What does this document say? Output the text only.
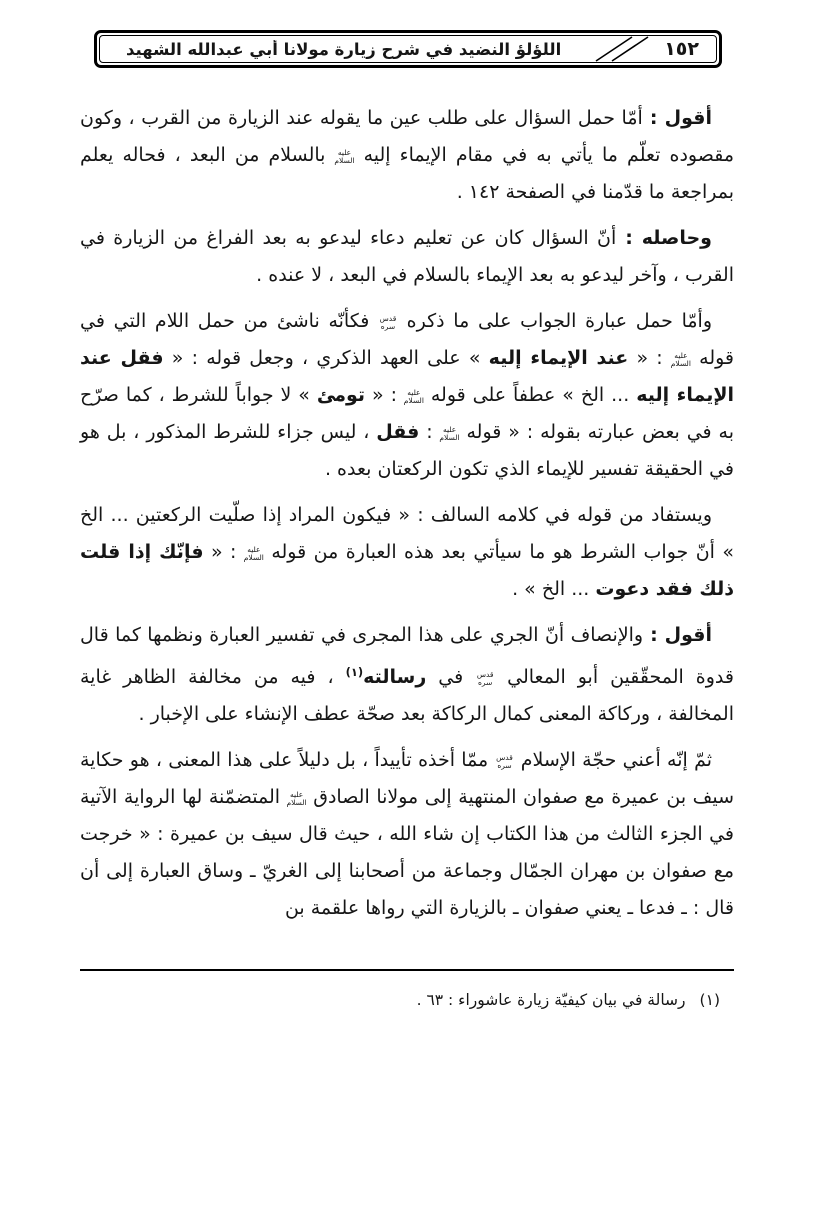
١٥٢
اللؤلؤ النضيد في شرح زيارة مولانا أبي عبدالله الشهيد

أقول : أمّا حمل السؤال على طلب عين ما يقوله عند الزيارة من القرب ، وكون مقصوده تعلّم ما يأتي به في مقام الإيماء إليه عليه السلام بالسلام من البعد ، فحاله يعلم بمراجعة ما قدّمنا في الصفحة ١٤٢ .

وحاصله : أنّ السؤال كان عن تعليم دعاء ليدعو به بعد الفراغ من الزيارة في القرب ، وآخر ليدعو به بعد الإيماء بالسلام في البعد ، لا عنده .

وأمّا حمل عبارة الجواب على ما ذكره قدس سره فكأنّه ناشئ من حمل اللام التي في قوله عليه السلام : « عند الإيماء إليه » على العهد الذكري ، وجعل قوله : « فقل عند الإيماء إليه ... الخ » عطفاً على قوله عليه السلام : « تومئ » لا جواباً للشرط ، كما صرّح به في بعض عبارته بقوله : « قوله عليه السلام : فقل ، ليس جزاء للشرط المذكور ، بل هو في الحقيقة تفسير للإيماء الذي تكون الركعتان بعده .

ويستفاد من قوله في كلامه السالف : « فيكون المراد إذا صلّيت الركعتين ... الخ » أنّ جواب الشرط هو ما سيأتي بعد هذه العبارة من قوله عليه السلام : « فإنّك إذا قلت ذلك فقد دعوت ... الخ » .

أقول : والإنصاف أنّ الجري على هذا المجرى في تفسير العبارة ونظمها كما قال قدوة المحقّقين أبو المعالي قدس سره في رسالته$^{(١)}$ ، فيه من مخالفة الظاهر غاية المخالفة ، وركاكة المعنى كمال الركاكة بعد صحّة عطف الإنشاء على الإخبار .

ثمّ إنّه أعني حجّة الإسلام قدس سره ممّا أخذه تأييداً ، بل دليلاً على هذا المعنى ، هو حكاية سيف بن عميرة مع صفوان المنتهية إلى مولانا الصادق عليه السلام المتضمّنة لها الرواية الآتية في الجزء الثالث من هذا الكتاب إن شاء الله ، حيث قال سيف بن عميرة : « خرجت مع صفوان بن مهران الجمّال وجماعة من أصحابنا إلى الغريّ ـ وساق العبارة إلى أن قال : ـ فدعا ـ يعني صفوان ـ بالزيارة التي رواها علقمة بن

(١)رسالة في بيان كيفيّة زيارة عاشوراء : ٦٣ .
